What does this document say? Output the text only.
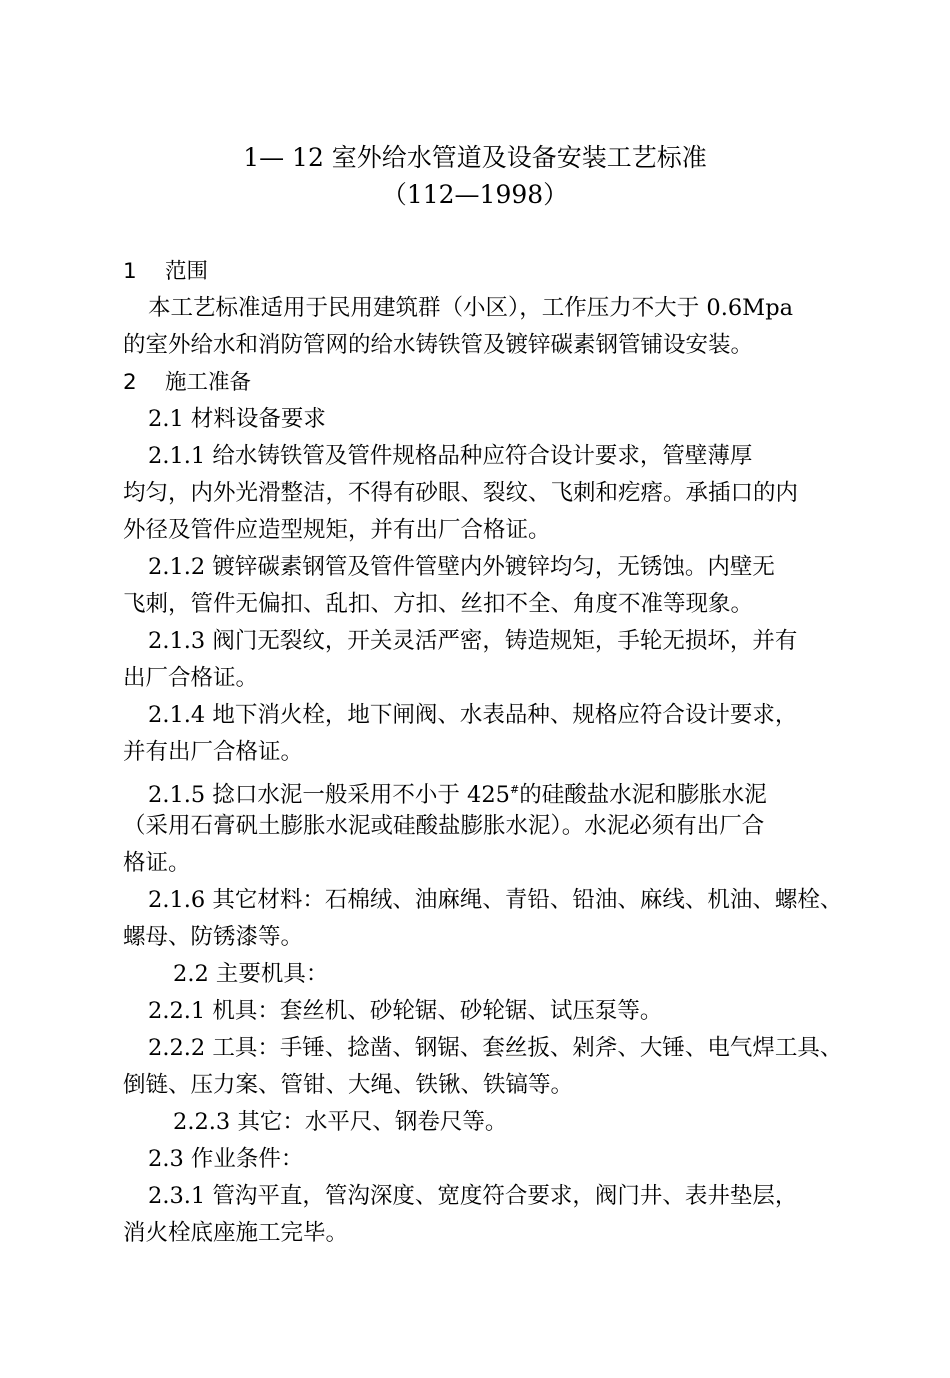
1— 12 室外给水管道及设备安装工艺标准
（112—1998）
1 范围
本工艺标准适用于民用建筑群（小区），工作压力不大于 0.6Mpa
的室外给水和消防管网的给水铸铁管及镀锌碳素钢管铺设安装。
2 施工准备
2.1 材料设备要求
2.1.1 给水铸铁管及管件规格品种应符合设计要求，管壁薄厚
均匀，内外光滑整洁，不得有砂眼、裂纹、飞刺和疙瘩。承插口的内
外径及管件应造型规矩，并有出厂合格证。
2.1.2 镀锌碳素钢管及管件管壁内外镀锌均匀，无锈蚀。内壁无
飞刺，管件无偏扣、乱扣、方扣、丝扣不全、角度不准等现象。
2.1.3 阀门无裂纹，开关灵活严密，铸造规矩，手轮无损坏，并有
出厂合格证。
2.1.4 地下消火栓，地下闸阀、水表品种、规格应符合设计要求，
并有出厂合格证。
2.1.5 捻口水泥一般采用不小于 425#的硅酸盐水泥和膨胀水泥
（采用石膏矾土膨胀水泥或硅酸盐膨胀水泥）。水泥必须有出厂合
格证。
2.1.6 其它材料：石棉绒、油麻绳、青铅、铅油、麻线、机油、螺栓、
螺母、防锈漆等。
2.2 主要机具：
2.2.1 机具：套丝机、砂轮锯、砂轮锯、试压泵等。
2.2.2 工具：手锤、捻凿、钢锯、套丝扳、剁斧、大锤、电气焊工具、
倒链、压力案、管钳、大绳、铁锹、铁镐等。
2.2.3 其它：水平尺、钢卷尺等。
2.3 作业条件：
2.3.1 管沟平直，管沟深度、宽度符合要求，阀门井、表井垫层，
消火栓底座施工完毕。
